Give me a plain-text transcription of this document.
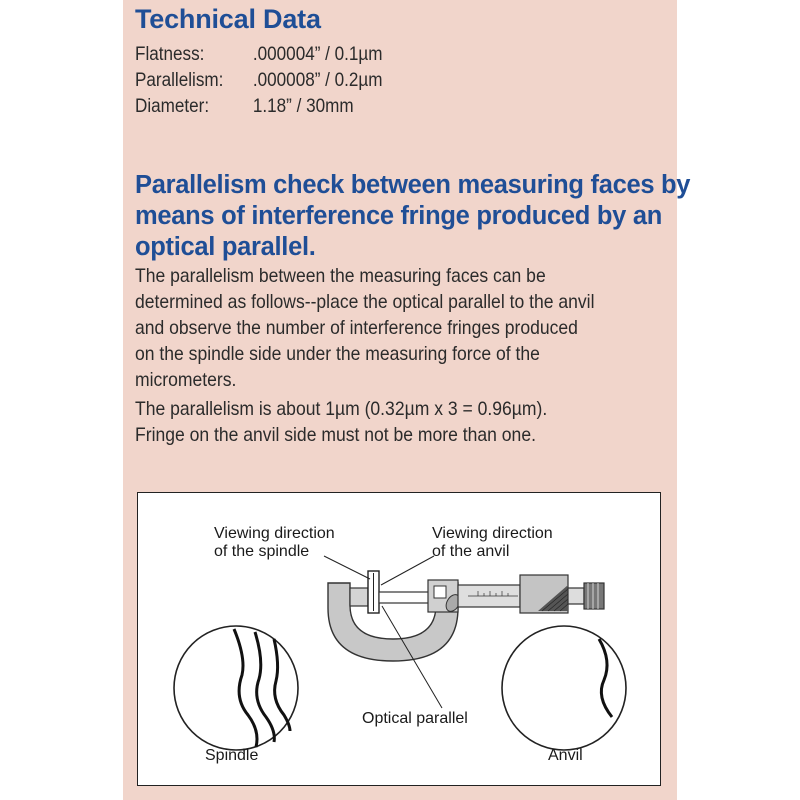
Technical Data
Flatness:	.000004” / 0.1µm
Parallelism: .000008” / 0.2µm
Diameter: 1.18” / 30mm
Parallelism check between measuring faces by means of interference fringe produced by an optical parallel.
The parallelism between the measuring faces can be
determined as follows--place the optical parallel to the anvil
and observe the number of interference fringes produced
on the spindle side under the measuring force of the
micrometers.
The parallelism is about 1µm (0.32µm x 3 = 0.96µm).
Fringe on the anvil side must not be more than one.
Viewing direction
of the spindle
Viewing direction
of the anvil
Optical parallel
Spindle	Anvil
